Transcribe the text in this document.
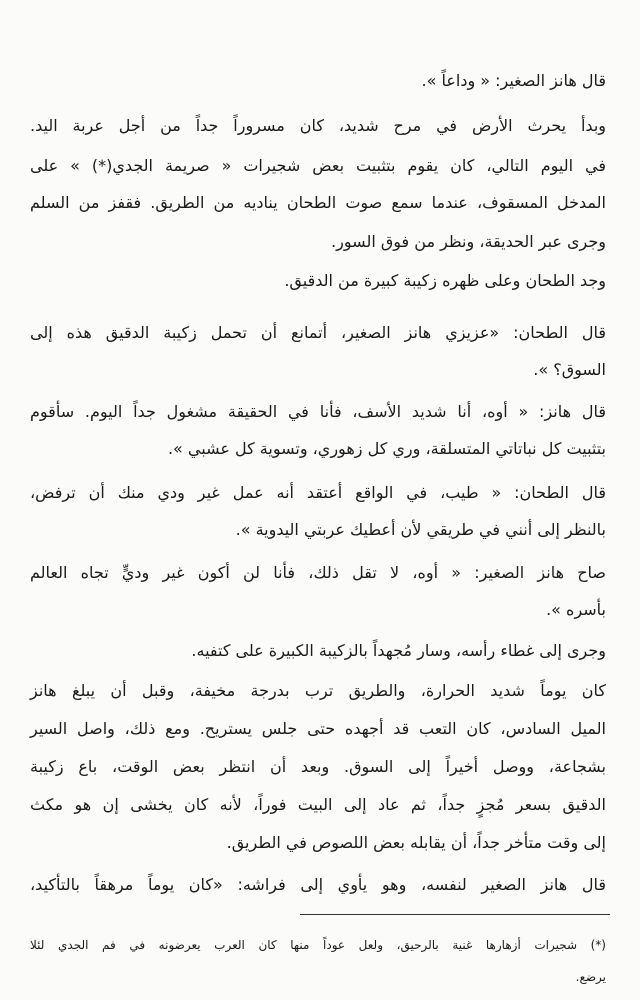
قال هانز الصغير: « وداعاً ».
وبدأ يحرث الأرض في مرح شديد، كان مسروراً جداً من أجل عربة اليد.
في اليوم التالي، كان يقوم بتثبيت بعض شجيرات « صريمة الجدي(*) » على
المدخل المسقوف، عندما سمع صوت الطحان يناديه من الطريق. فقفز من السلم
وجرى عبر الحديقة، ونظر من فوق السور.
وجد الطحان وعلى ظهره زكيبة كبيرة من الدقيق.
قال الطحان: «عزيزي هانز الصغير، أتمانع أن تحمل زكيبة الدقيق هذه إلى
السوق؟ ».
قال هانز: « أوه، أنا شديد الأسف، فأنا في الحقيقة مشغول جداً اليوم. سأقوم
بتثبيت كل نباتاتي المتسلقة، وري كل زهوري، وتسوية كل عشبي ».
قال الطحان: « طيب، في الواقع أعتقد أنه عمل غير ودي منك أن ترفض،
بالنظر إلى أنني في طريقي لأن أعطيك عربتي اليدوية ».
صاح هانز الصغير: « أوه، لا تقل ذلك، فأنا لن أكون غير وديٍّ تجاه العالم
بأسره ».
وجرى إلى غطاء رأسه، وسار مُجهداً بالزكيبة الكبيرة على كتفيه.
كان يوماً شديد الحرارة، والطريق ترب بدرجة مخيفة، وقبل أن يبلغ هانز
الميل السادس، كان التعب قد أجهده حتى جلس يستريح. ومع ذلك، واصل السير
بشجاعة، ووصل أخيراً إلى السوق. وبعد أن انتظر بعض الوقت، باع زكيبة
الدقيق بسعر مُجزٍ جداً، ثم عاد إلى البيت فوراً، لأنه كان يخشى إن هو مكث
إلى وقت متأخر جداً، أن يقابله بعض اللصوص في الطريق.
قال هانز الصغير لنفسه، وهو يأوي إلى فراشه: «كان يوماً مرهقاً بالتأكيد،
(*) شجيرات أزهارها غنية بالرحيق، ولعل عوداً منها كان العرب يعرضونه في فم الجدي لئلا
يرضع.
